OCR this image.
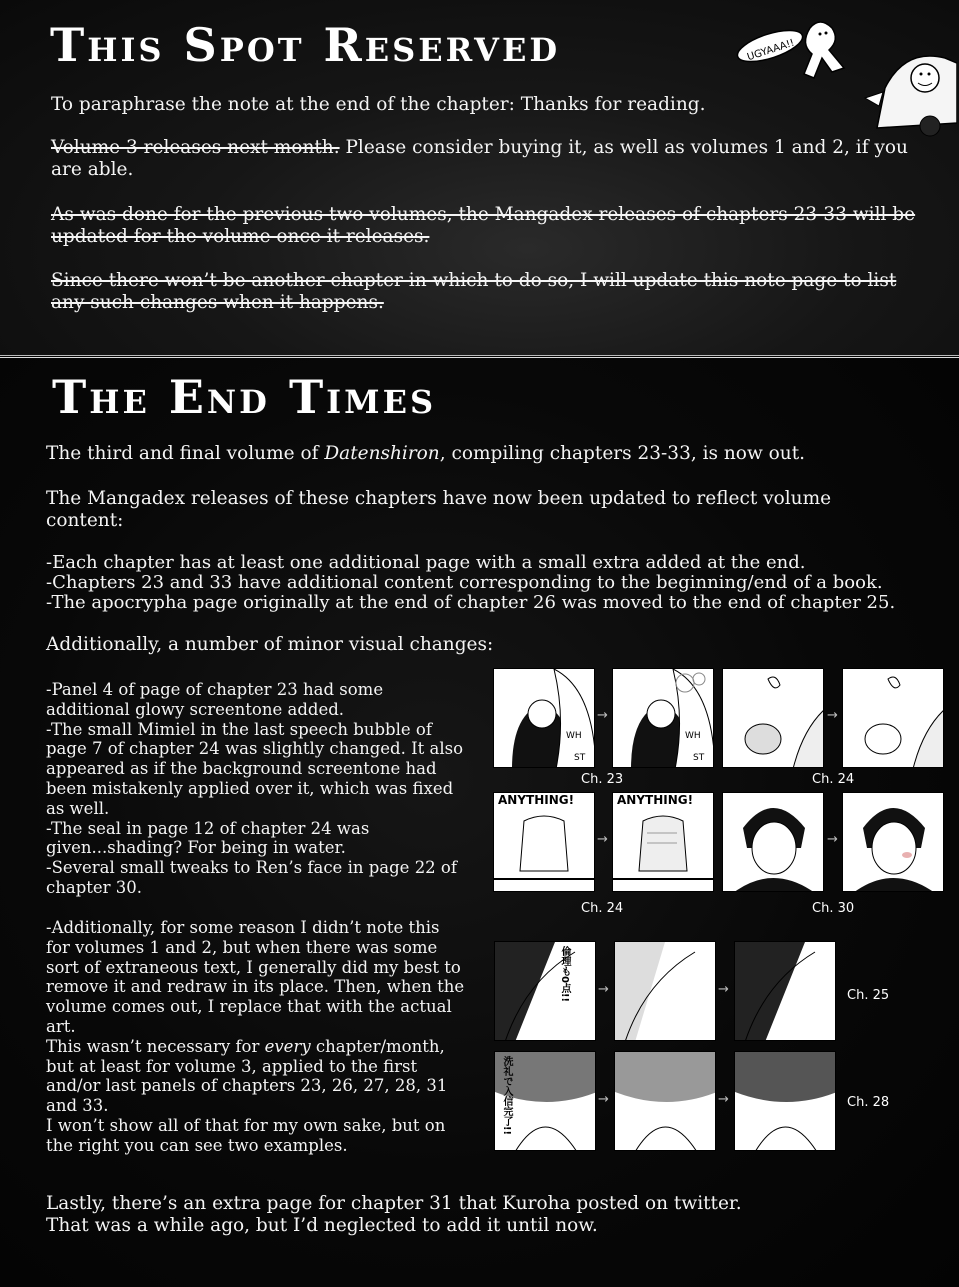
This Spot Reserved	UGYAAA!!

To paraphrase the note at the end of the chapter: Thanks for reading.

Volume 3 releases next month. Please consider buying it, as well as volumes 1 and 2, if you are able.

As was done for the previous two volumes, the Mangadex releases of chapters 23-33 will be updated for the volume once it releases.

Since there won’t be another chapter in which to do so, I will update this note page to list any such changes when it happens.

The End Times

The third and final volume of Datenshiron, compiling chapters 23-33, is now out.

The Mangadex releases of these chapters have now been updated to reflect volume content:

-Each chapter has at least one additional page with a small extra added at the end.
-Chapters 23 and 33 have additional content corresponding to the beginning/end of a book.
-The apocrypha page originally at the end of chapter 26 was moved to the end of chapter 25.

Additionally, a number of minor visual changes:

-Panel 4 of page of chapter 23 had some
additional glowy screentone added.
-The small Mimiel in the last speech bubble of
page 7 of chapter 24 was slightly changed. It also
appeared as if the background screentone had
been mistakenly applied over it, which was fixed
as well.
-The seal in page 12 of chapter 24 was
given...shading? For being in water.
-Several small tweaks to Ren’s face in page 22 of
chapter 30.
-Additionally, for some reason I didn’t note this
for volumes 1 and 2, but when there was some
sort of extraneous text, I generally did my best to
remove it and redraw in its place. Then, when the
volume comes out, I replace that with the actual
art.
This wasn’t necessary for every chapter/month,
but at least for volume 3, applied to the first
and/or last panels of chapters 23, 26, 27, 28, 31
and 33.
I won’t show all of that for my own sake, but on
the right you can see two examples.
Lastly, there’s an extra page for chapter 31 that Kuroha posted on twitter.
That was a while ago, but I’d neglected to add it until now.
WH
ST
→
WH
ST
→
Ch. 23	Ch. 24
ANYTHING!
→
ANYTHING!
→
Ch. 24	Ch. 30
倫理も0点!! →	→	Ch. 25
洗礼で入信完了!!	→	→	Ch. 28
